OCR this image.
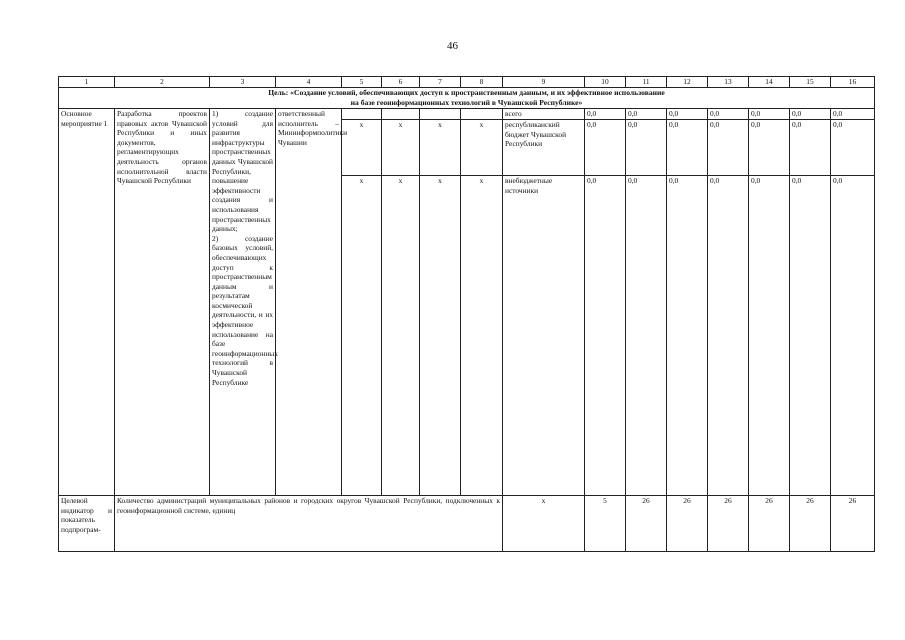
46
1	2	3	4	5	6	7	8	9	10	11	12	13	14	15	16
Цель: «Создание условий, обеспечивающих доступ к пространственным данным, и их эффективное использование
на базе геоинформационных технологий в Чувашской Республике»															
Основное мероприятие 1	Разработка проектов правовых актов Чувашской Республики и иных документов, регламентирующих деятельность органов исполнительной власти Чувашской Республики	1) создание условий для развития инфраструктуры пространственных данных Чувашской Республики, повышение эффективности создания и использования пространственных данных;
2) создание базовых условий, обеспечивающих доступ к пространственным данным и результатам космической деятельности, и их эффективное использование на базе геоинформационных технологий в Чувашской Республике	ответственный исполнитель – Мининформполитики Чувашии					всего	0,0	0,0	0,0	0,0	0,0	0,0	0,0
				х	х	х	х	республиканский бюджет Чувашской Республики	0,0	0,0	0,0	0,0	0,0	0,0	0,0
				х	х	х	х	внебюджетные источники	0,0	0,0	0,0	0,0	0,0	0,0	0,0
Целевой индикатор и показатель подпрограм-	Количество администраций муниципальных районов и городских округов Чувашской Республики, подключенных к геоинформационной системе, единиц							х	5	26	26	26	26	26	26
